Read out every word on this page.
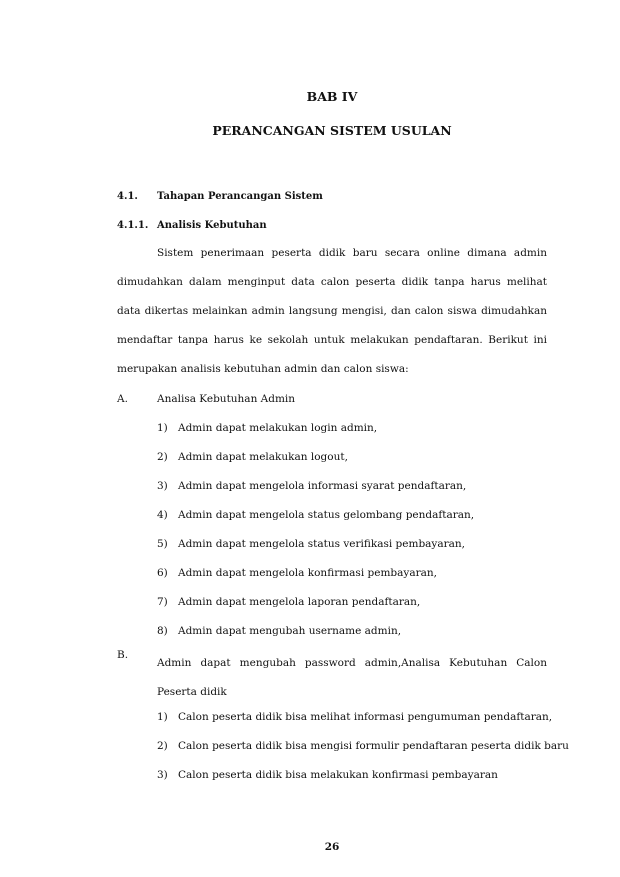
BAB IV
PERANCANGAN SISTEM USULAN
4.1. Tahapan Perancangan Sistem
4.1.1. Analisis Kebutuhan
Sistem penerimaan peserta didik baru secara online dimana admin dimudahkan dalam menginput data calon peserta didik tanpa harus melihat data dikertas melainkan admin langsung mengisi, dan calon siswa dimudahkan mendaftar tanpa harus ke sekolah untuk melakukan pendaftaran. Berikut ini merupakan analisis kebutuhan admin dan calon siswa:
A.	Analisa Kebutuhan Admin
1) Admin dapat melakukan login admin,
2) Admin dapat melakukan logout,
3) Admin dapat mengelola informasi syarat pendaftaran,
4) Admin dapat mengelola status gelombang pendaftaran,
5) Admin dapat mengelola status verifikasi pembayaran,
6) Admin dapat mengelola konfirmasi pembayaran,
7) Admin dapat mengelola laporan pendaftaran,
8) Admin dapat mengubah username admin,
B.
Admin dapat mengubah password admin,Analisa Kebutuhan Calon Peserta didik
1) Calon peserta didik bisa melihat informasi pengumuman pendaftaran,
2) Calon peserta didik bisa mengisi formulir pendaftaran peserta didik baru
3) Calon peserta didik bisa melakukan konfirmasi pembayaran
26
